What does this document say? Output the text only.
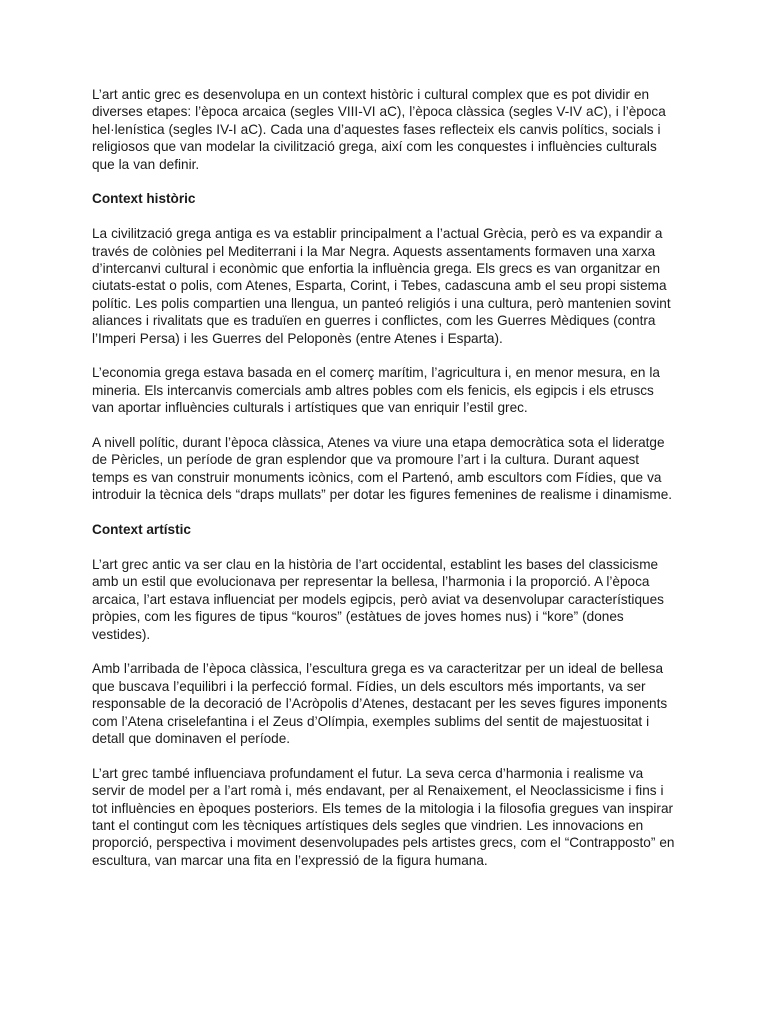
L’art antic grec es desenvolupa en un context històric i cultural complex que es pot dividir en diverses etapes: l’època arcaica (segles VIII-VI aC), l’època clàssica (segles V-IV aC), i l’època hel·lenística (segles IV-I aC). Cada una d’aquestes fases reflecteix els canvis polítics, socials i religiosos que van modelar la civilització grega, així com les conquestes i influències culturals que la van definir.

Context històric

La civilització grega antiga es va establir principalment a l’actual Grècia, però es va expandir a través de colònies pel Mediterrani i la Mar Negra. Aquests assentaments formaven una xarxa d’intercanvi cultural i econòmic que enfortia la influència grega. Els grecs es van organitzar en ciutats-estat o polis, com Atenes, Esparta, Corint, i Tebes, cadascuna amb el seu propi sistema polític. Les polis compartien una llengua, un panteó religiós i una cultura, però mantenien sovint aliances i rivalitats que es traduïen en guerres i conflictes, com les Guerres Mèdiques (contra l’Imperi Persa) i les Guerres del Peloponès (entre Atenes i Esparta).

L’economia grega estava basada en el comerç marítim, l’agricultura i, en menor mesura, en la mineria. Els intercanvis comercials amb altres pobles com els fenicis, els egipcis i els etruscs van aportar influències culturals i artístiques que van enriquir l’estil grec.

A nivell polític, durant l’època clàssica, Atenes va viure una etapa democràtica sota el lideratge de Pèricles, un període de gran esplendor que va promoure l’art i la cultura. Durant aquest temps es van construir monuments icònics, com el Partenó, amb escultors com Fídies, que va introduir la tècnica dels “draps mullats” per dotar les figures femenines de realisme i dinamisme.

Context artístic

L’art grec antic va ser clau en la història de l’art occidental, establint les bases del classicisme amb un estil que evolucionava per representar la bellesa, l’harmonia i la proporció. A l’època arcaica, l’art estava influenciat per models egipcis, però aviat va desenvolupar característiques pròpies, com les figures de tipus “kouros” (estàtues de joves homes nus) i “kore” (dones vestides).

Amb l’arribada de l’època clàssica, l’escultura grega es va caracteritzar per un ideal de bellesa que buscava l’equilibri i la perfecció formal. Fídies, un dels escultors més importants, va ser responsable de la decoració de l’Acròpolis d’Atenes, destacant per les seves figures imponents com l’Atena criselefantina i el Zeus d’Olímpia, exemples sublims del sentit de majestuositat i detall que dominaven el període.

L’art grec també influenciava profundament el futur. La seva cerca d’harmonia i realisme va servir de model per a l’art romà i, més endavant, per al Renaixement, el Neoclassicisme i fins i tot influències en èpoques posteriors. Els temes de la mitologia i la filosofia gregues van inspirar tant el contingut com les tècniques artístiques dels segles que vindrien. Les innovacions en proporció, perspectiva i moviment desenvolupades pels artistes grecs, com el “Contrapposto” en escultura, van marcar una fita en l’expressió de la figura humana.
